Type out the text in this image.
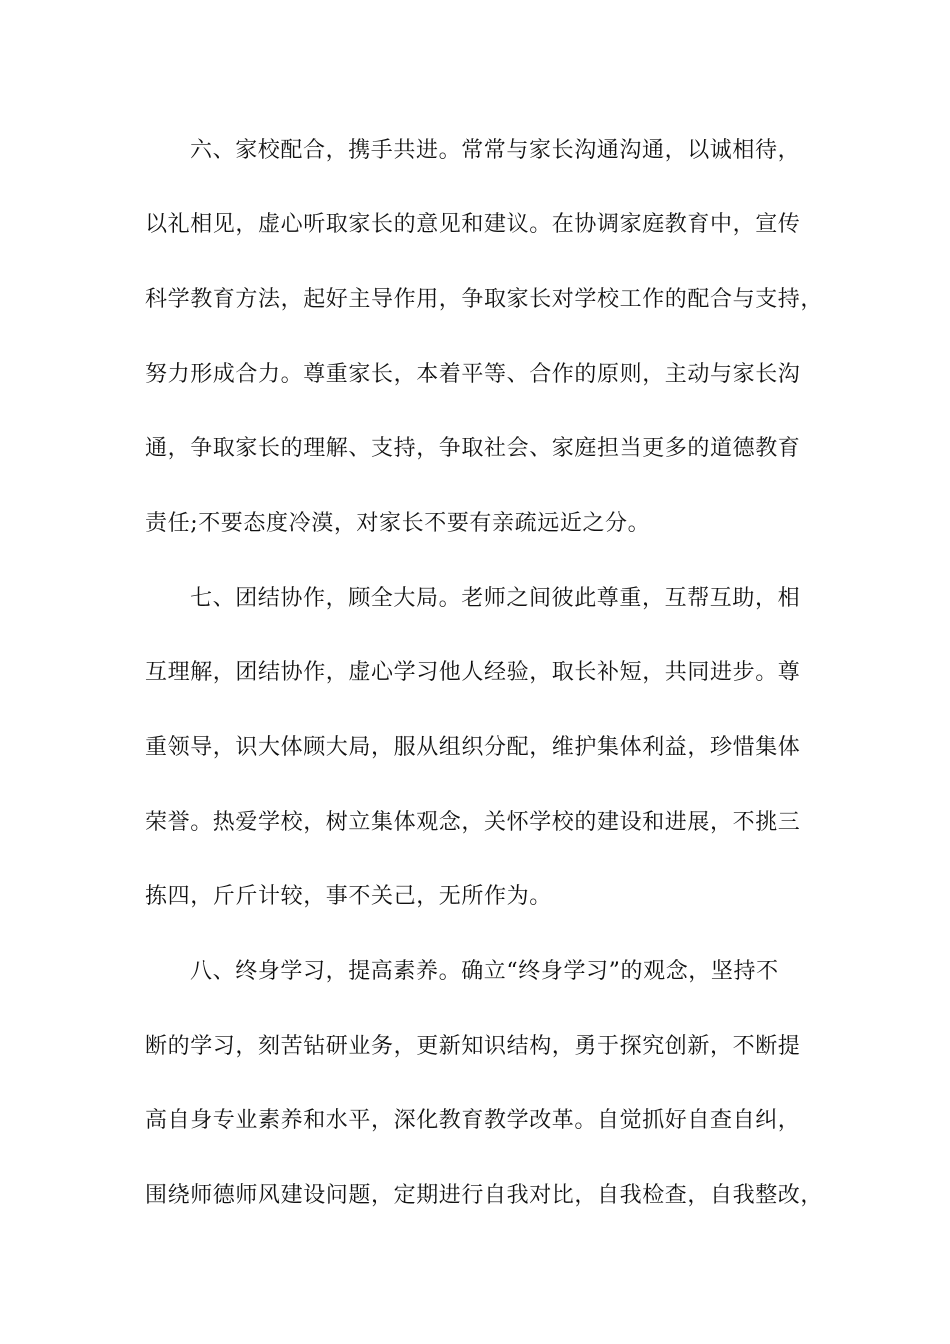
六、家校配合，携手共进。常常与家长沟通沟通，以诚相待，
以礼相见，虚心听取家长的意见和建议。在协调家庭教育中，宣传
科学教育方法，起好主导作用，争取家长对学校工作的配合与支持，
努力形成合力。尊重家长，本着平等、合作的原则，主动与家长沟
通，争取家长的理解、支持，争取社会、家庭担当更多的道德教育
责任;不要态度冷漠，对家长不要有亲疏远近之分。
七、团结协作，顾全大局。老师之间彼此尊重，互帮互助，相
互理解，团结协作，虚心学习他人经验，取长补短，共同进步。尊
重领导，识大体顾大局，服从组织分配，维护集体利益，珍惜集体
荣誉。热爱学校，树立集体观念，关怀学校的建设和进展，不挑三
拣四，斤斤计较，事不关己，无所作为。
八、终身学习，提高素养。确立“终身学习”的观念，坚持不
断的学习，刻苦钻研业务，更新知识结构，勇于探究创新，不断提
高自身专业素养和水平，深化教育教学改革。自觉抓好自查自纠，
围绕师德师风建设问题，定期进行自我对比，自我检查，自我整改，
